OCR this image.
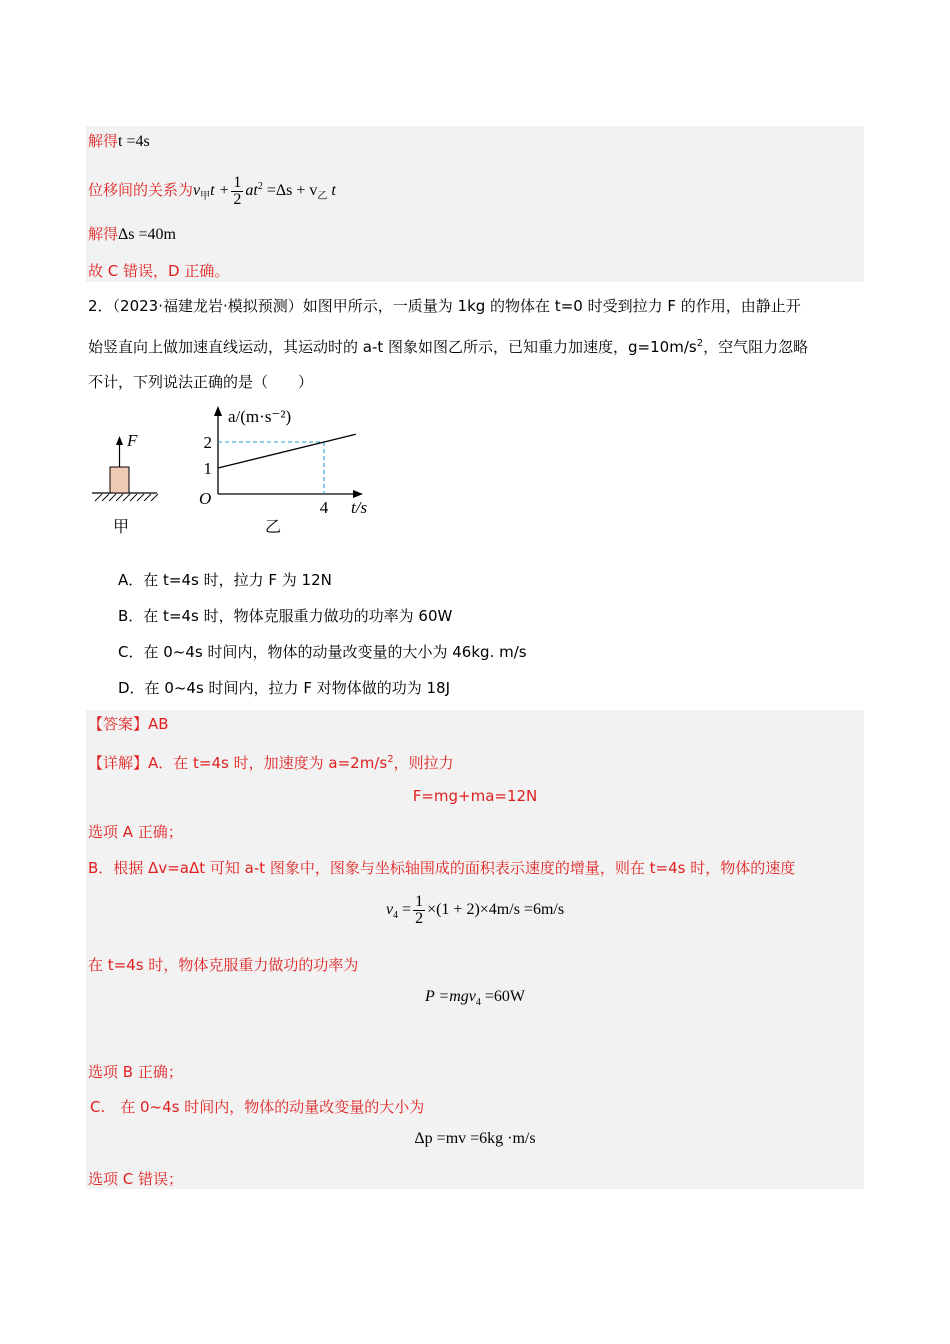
解得t =4s
位移间的关系为$v_甲t + \frac{1}{2} at^2 =\Delta s + v_乙$ t
解得Δs =40m
故 C 错误，D 正确。
2．（2023·福建龙岩·模拟预测）如图甲所示，一质量为 1kg 的物体在 t=0 时受到拉力 F 的作用，由静止开
始竖直向上做加速直线运动，其运动时的 a-t 图象如图乙所示，已知重力加速度，$g=10m/s^2$，空气阻力忽略
不计，下列说法正确的是（　　）
F
甲
a/(m·s⁻²)
t/s
O
2
1
4
乙
A．在 t=4s 时，拉力 F 为 12N
B．在 t=4s 时，物体克服重力做功的功率为 60W
C．在 0~4s 时间内，物体的动量改变量的大小为 46kg. m/s
D．在 0~4s 时间内，拉力 F 对物体做的功为 18J
【答案】AB
【详解】A．在 t=4s 时，加速度为 $a=2m/s^2$，则拉力
F=mg+ma=12N
选项 A 正确；
B．根据 Δv=aΔt 可知 a-t 图象中，图象与坐标轴围成的面积表示速度的增量，则在 t=4s 时，物体的速度
$v_4 = \frac{1}{2} \times(1 + 2)\times 4m/s =6m/s$
在 t=4s 时，物体克服重力做功的功率为
P =mgv$_4$ =60W
选项 B 正确；
C.　在 0~4s 时间内，物体的动量改变量的大小为
Δp =mv =6kg ·m/s
选项 C 错误；
